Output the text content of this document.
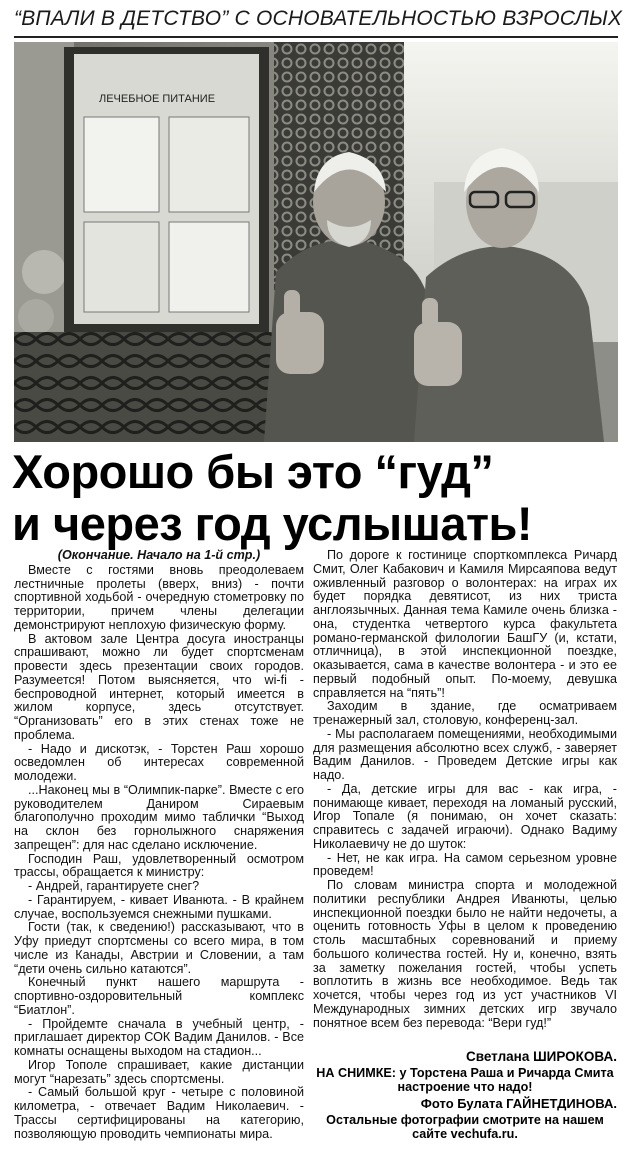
“ВПАЛИ В ДЕТСТВО” С ОСНОВАТЕЛЬНОСТЬЮ ВЗРОСЛЫХ
ЛЕЧЕБНОЕ ПИТАНИЕ
Хорошо бы это “гуд”
и через год услышать!

(Окончание. Начало на 1-й стр.)

Вместе с гостями вновь преодолеваем лестничные пролеты (вверх, вниз) - почти спортивной ходьбой - очередную стометровку по территории, причем члены делегации демонстрируют неплохую физическую форму.

В актовом зале Центра досуга иностранцы спрашивают, можно ли будет спортсменам провести здесь презентации своих городов. Разумеется! Потом выясняется, что wi-fi - беспроводной интернет, который имеется в жилом корпусе, здесь отсутствует. “Организовать” его в этих стенах тоже не проблема.

- Надо и дискотэк, - Торстен Раш хорошо осведомлен об интересах современной молодежи.

...Наконец мы в “Олимпик-парке”. Вместе с его руководителем Даниром Сираевым благополучно проходим мимо таблички “Выход на склон без горнолыжного снаряжения запрещен”: для нас сделано исключение.

Господин Раш, удовлетворенный осмотром трассы, обращается к министру:

- Андрей, гарантируете снег?

- Гарантируем, - кивает Иванюта. - В крайнем случае, воспользуемся снежными пушками.

Гости (так, к сведению!) рассказывают, что в Уфу приедут спортсмены со всего мира, в том числе из Канады, Австрии и Словении, а там “дети очень сильно катаются”.

Конечный пункт нашего маршрута - спортивно-оздоровительный комплекс “Биатлон”.

- Пройдемте сначала в учебный центр, - приглашает директор СОК Вадим Данилов. - Все комнаты оснащены выходом на стадион...

Игор Тополе спрашивает, какие дистанции могут “нарезать” здесь спортсмены.

- Самый большой круг - четыре с половиной километра, - отвечает Вадим Николаевич. - Трассы сертифицированы на категорию, позволяющую проводить чемпионаты мира.

По дороге к гостинице спорткомплекса Ричард Смит, Олег Кабакович и Камиля Мирсаяпова ведут оживленный разговор о волонтерах: на играх их будет порядка девятисот, из них триста англоязычных. Данная тема Камиле очень близка - она, студентка четвертого курса факультета романо-германской филологии БашГУ (и, кстати, отличница), в этой инспекционной поездке, оказывается, сама в качестве волонтера - и это ее первый подобный опыт. По-моему, девушка справляется на “пять”!

Заходим в здание, где осматриваем тренажерный зал, столовую, конференц-зал.

- Мы располагаем помещениями, необходимыми для размещения абсолютно всех служб, - заверяет Вадим Данилов. - Проведем Детские игры как надо.

- Да, детские игры для вас - как игра, - понимающе кивает, переходя на ломаный русский, Игор Топале (я понимаю, он хочет сказать: справитесь с задачей играючи). Однако Вадиму Николаевичу не до шуток:

- Нет, не как игра. На самом серьезном уровне проведем!

По словам министра спорта и молодежной политики республики Андрея Иванюты, целью инспекционной поездки было не найти недочеты, а оценить готовность Уфы в целом к проведению столь масштабных соревнований и приему большого количества гостей. Ну и, конечно, взять за заметку пожелания гостей, чтобы успеть воплотить в жизнь все необходимое. Ведь так хочется, чтобы через год из уст участников VI Международных зимних детских игр звучало понятное всем без перевода: “Вери гуд!”

Светлана ШИРОКОВА.
НА СНИМКЕ: у Торстена Раша и Ричарда Смита настроение что надо!
Фото Булата ГАЙНЕТДИНОВА.
Остальные фотографии смотрите на нашем сайте vechufa.ru.
